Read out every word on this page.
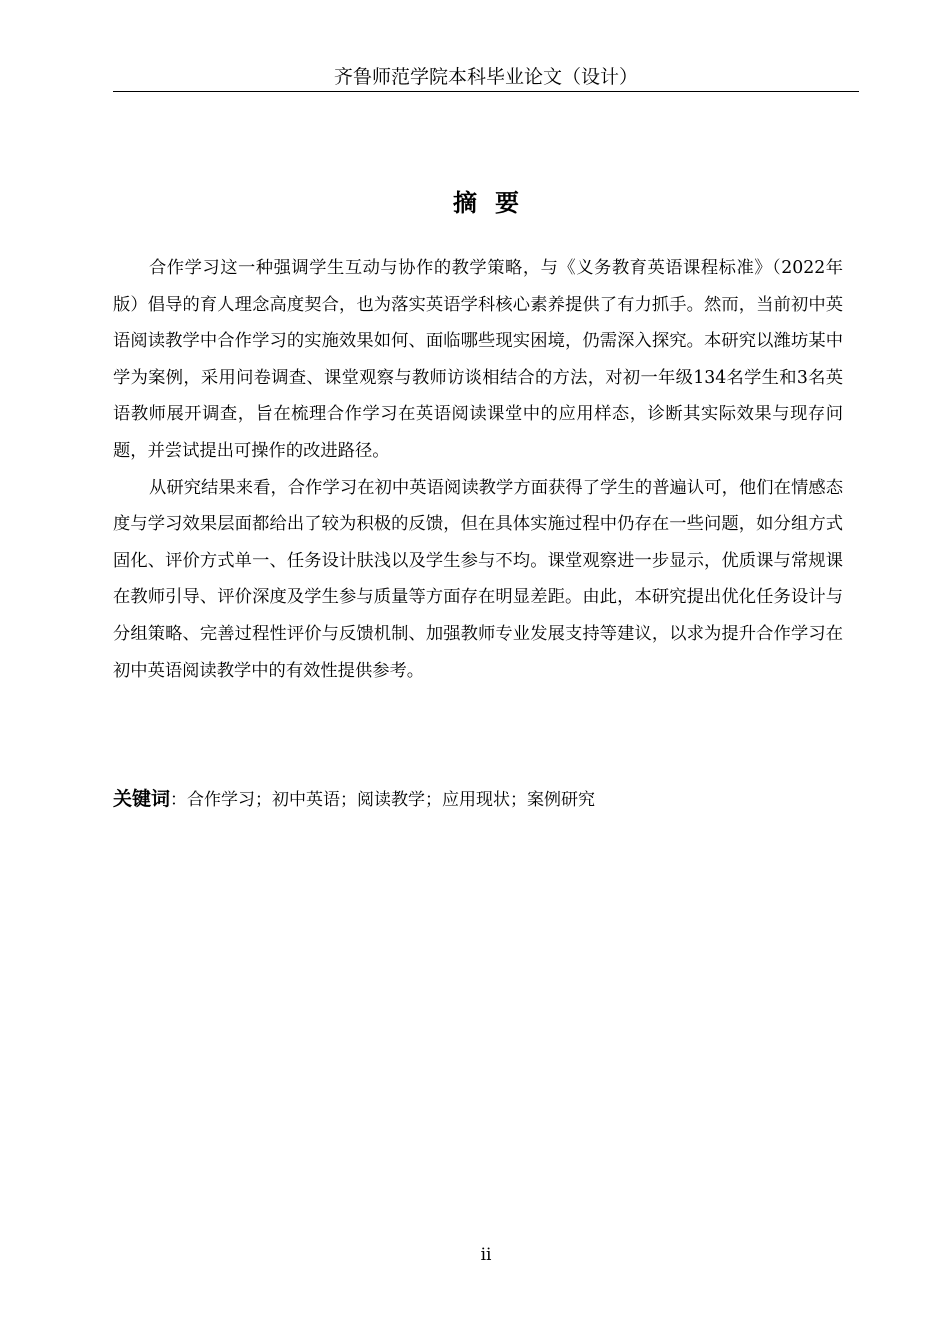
齐鲁师范学院本科毕业论文（设计）
摘要

合作学习这一种强调学生互动与协作的教学策略，与《义务教育英语课程标准》（2022年版）倡导的育人理念高度契合，也为落实英语学科核心素养提供了有力抓手。然而，当前初中英语阅读教学中合作学习的实施效果如何、面临哪些现实困境，仍需深入探究。本研究以潍坊某中学为案例，采用问卷调查、课堂观察与教师访谈相结合的方法，对初一年级134名学生和3名英语教师展开调查，旨在梳理合作学习在英语阅读课堂中的应用样态，诊断其实际效果与现存问题，并尝试提出可操作的改进路径。

从研究结果来看，合作学习在初中英语阅读教学方面获得了学生的普遍认可，他们在情感态度与学习效果层面都给出了较为积极的反馈，但在具体实施过程中仍存在一些问题，如分组方式固化、评价方式单一、任务设计肤浅以及学生参与不均。课堂观察进一步显示，优质课与常规课在教师引导、评价深度及学生参与质量等方面存在明显差距。由此，本研究提出优化任务设计与分组策略、完善过程性评价与反馈机制、加强教师专业发展支持等建议，以求为提升合作学习在初中英语阅读教学中的有效性提供参考。

关键词：合作学习；初中英语；阅读教学；应用现状；案例研究
ii
